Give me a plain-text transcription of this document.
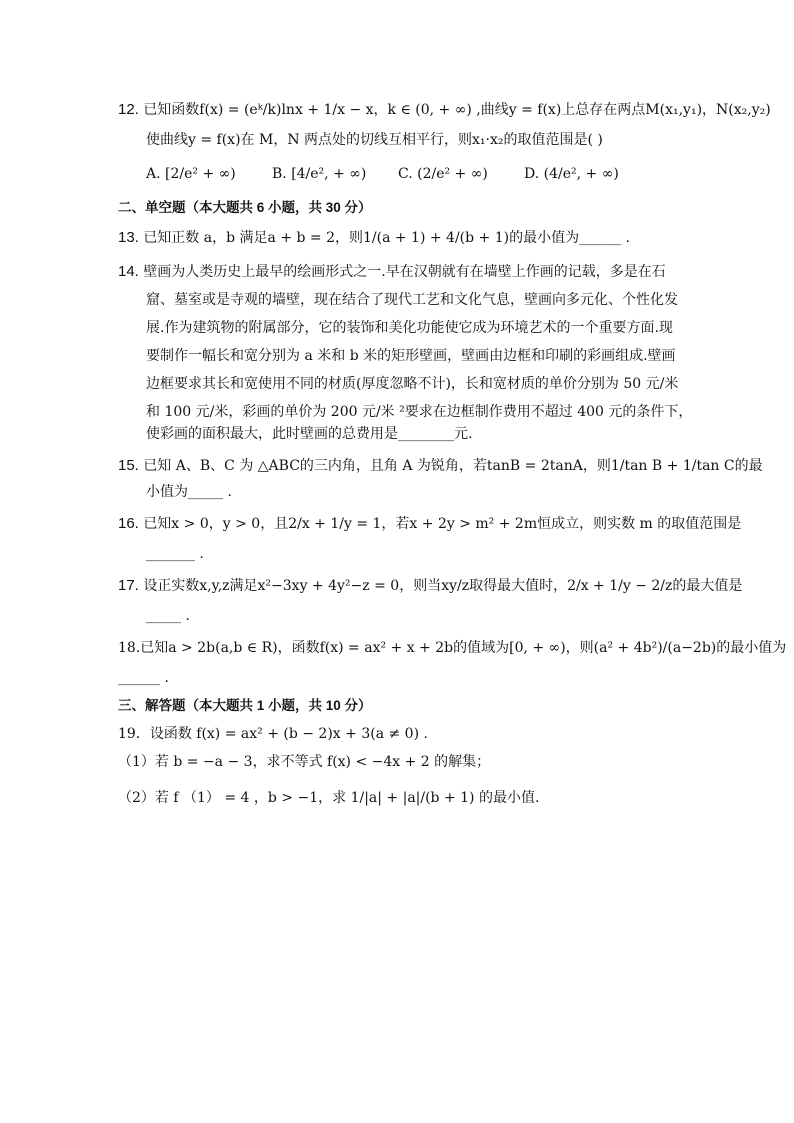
12. 已知函数f(x) = (eᵏ/k)lnx + 1/x − x，k ∈ (0, + ∞) ,曲线y = f(x)上总存在两点M(x₁,y₁)，N(x₂,y₂)
使曲线y = f(x)在 M，N 两点处的切线互相平行，则x₁·x₂的取值范围是( )
A. [2/e² + ∞)	B. [4/e², + ∞) C. (2/e² + ∞)	D. (4/e², + ∞)
二、单空题（本大题共 6 小题，共 30 分）
13. 已知正数 a，b 满足a + b = 2，则1/(a + 1) + 4/(b + 1)的最小值为______ .
14. 壁画为人类历史上最早的绘画形式之一.早在汉朝就有在墙壁上作画的记载，多是在石
窟、墓室或是寺观的墙壁，现在结合了现代工艺和文化气息，壁画向多元化、个性化发
展.作为建筑物的附属部分，它的装饰和美化功能使它成为环境艺术的一个重要方面.现
要制作一幅长和宽分别为 a 米和 b 米的矩形壁画，壁画由边框和印刷的彩画组成.壁画
边框要求其长和宽使用不同的材质(厚度忽略不计)，长和宽材质的单价分别为 50 元/米
和 100 元/米，彩画的单价为 200 元/米 ²要求在边框制作费用不超过 400 元的条件下，
使彩画的面积最大，此时壁画的总费用是________元.
15. 已知 A、B、C 为 △ABC的三内角，且角 A 为锐角，若tanB = 2tanA，则1/tan B + 1/tan C的最
小值为_____ .
16. 已知x > 0，y > 0，且2/x + 1/y = 1，若x + 2y > m² + 2m恒成立，则实数 m 的取值范围是
_______ .
17. 设正实数x,y,z满足x²−3xy + 4y²−z = 0，则当xy/z取得最大值时，2/x + 1/y − 2/z的最大值是
_____ .
18.已知a > 2b(a,b ∈ R)，函数f(x) = ax² + x + 2b的值域为[0, + ∞)，则(a² + 4b²)/(a−2b)的最小值为
______ .
三、解答题（本大题共 1 小题，共 10 分）
19．设函数 f(x) = ax² + (b − 2)x + 3(a ≠ 0) .
（1）若 b = −a − 3，求不等式 f(x) < −4x + 2 的解集；
（2）若 f （1） = 4 ，b > −1，求 1/|a| + |a|/(b + 1) 的最小值.
